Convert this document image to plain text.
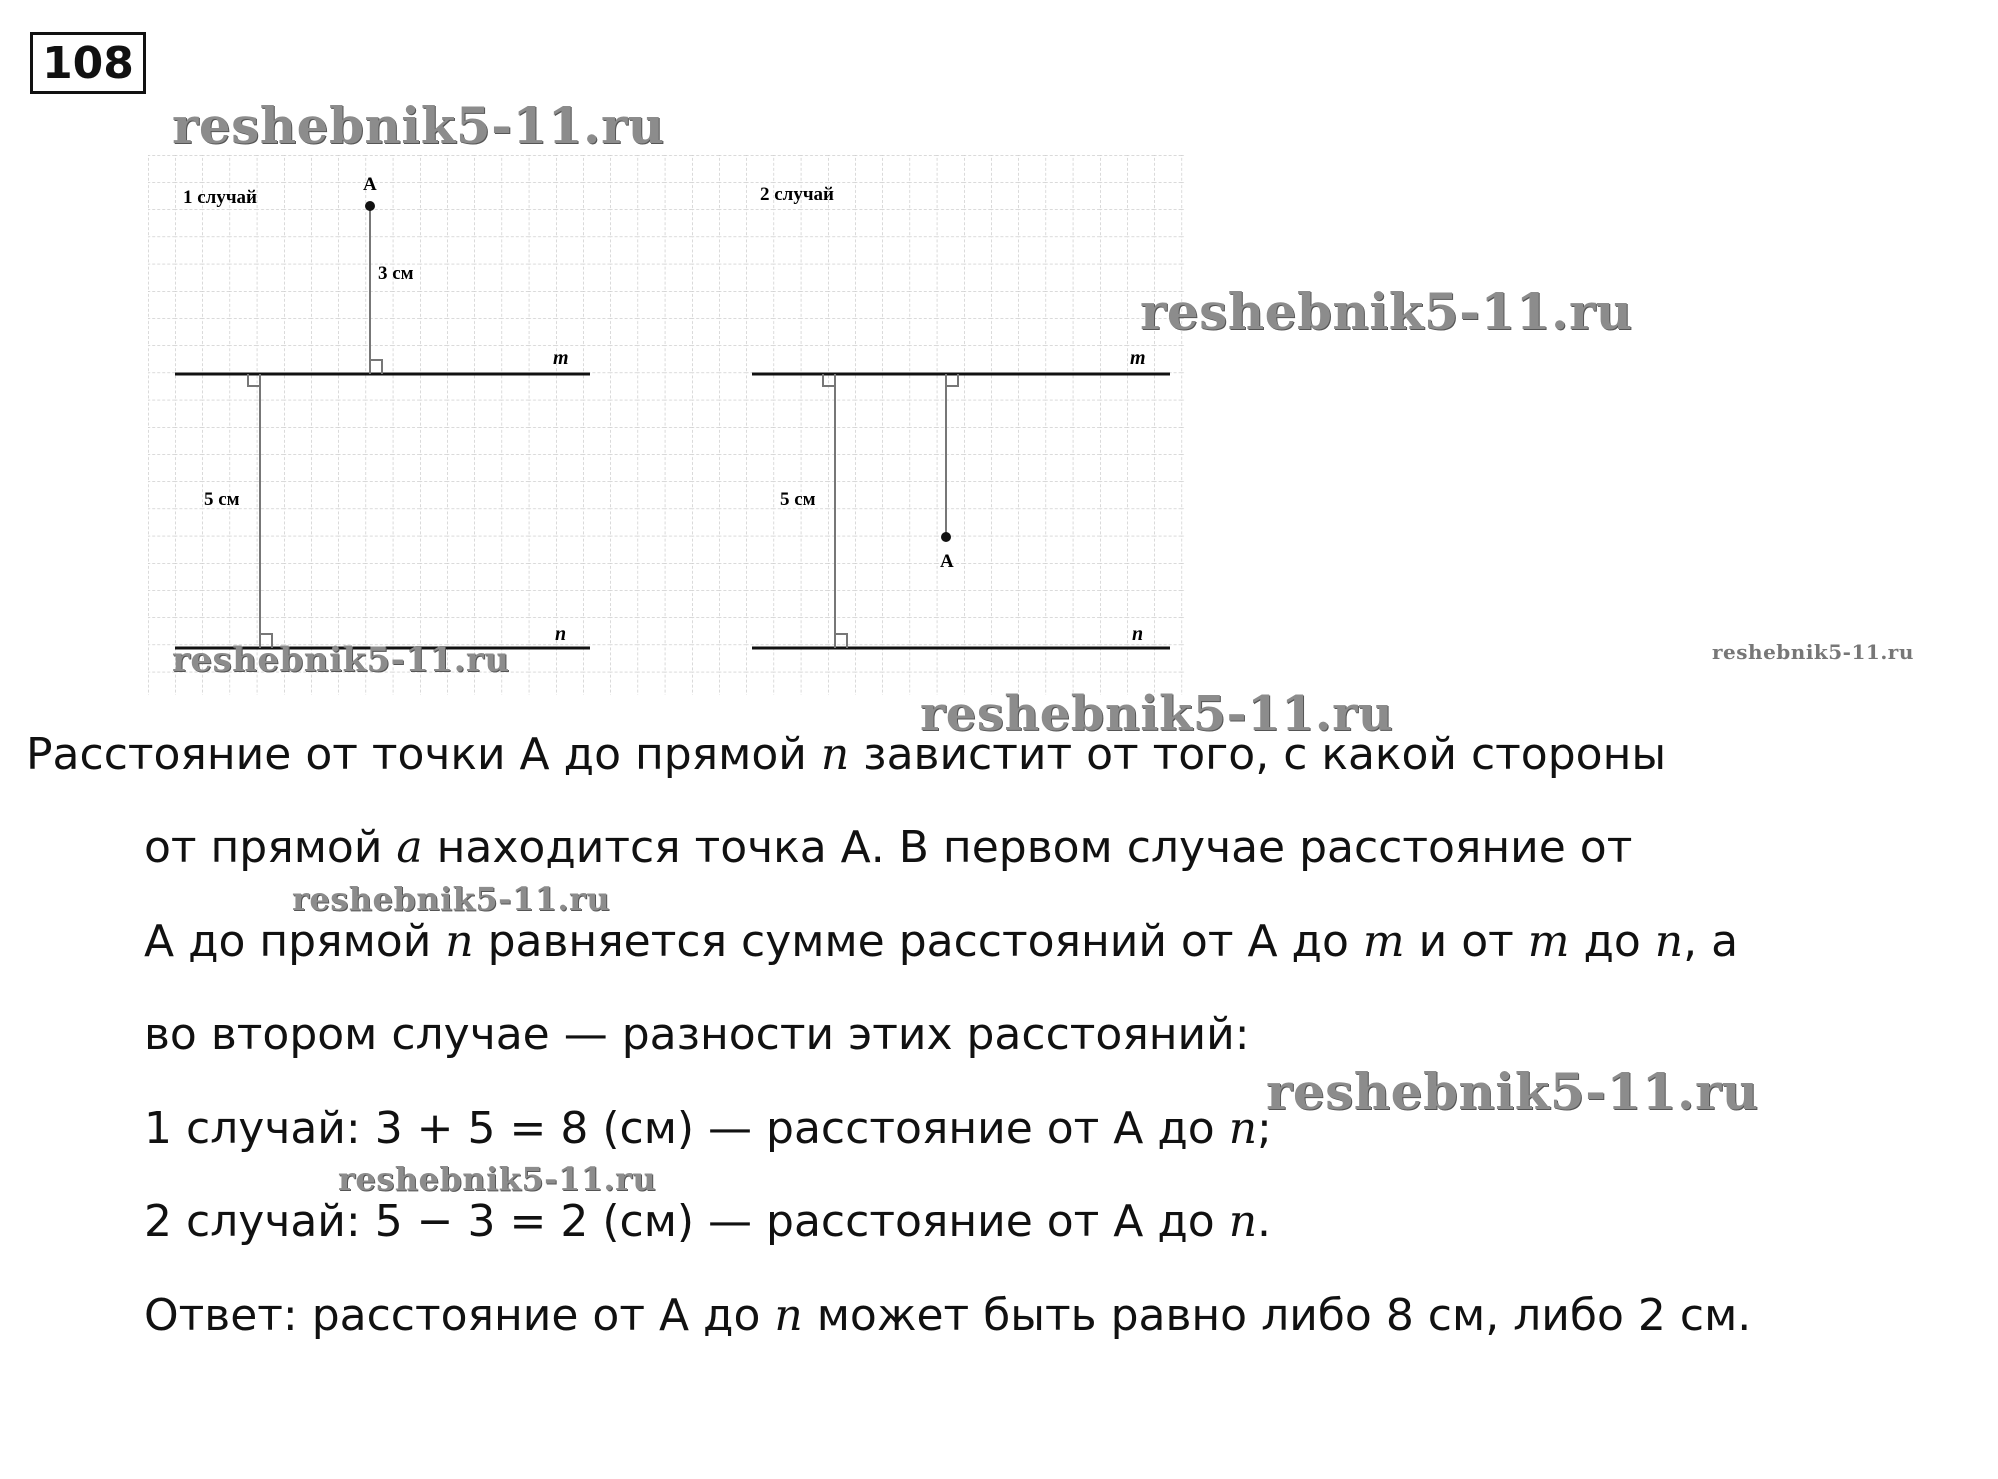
108
1 случай
A
3 см
5 см
m
n
2 случай
5 см
A
m
n
reshebnik5-11.ru
reshebnik5-11.ru
reshebnik5-11.ru	reshebnik5-11.ru
reshebnik5-11.ru
reshebnik5-11.ru
reshebnik5-11.ru
reshebnik5-11.ru
Расстояние от точки А до прямой n завистит от того, с какой стороны
от прямой a находится точка А. В первом случае расстояние от
А до прямой n равняется сумме расстояний от А до m и от m до n, а
во втором случае — разности этих расстояний:
1 случай: 3 + 5 = 8 (см) — расстояние от А до n;
2 случай: 5 − 3 = 2 (см) — расстояние от А до n.
Ответ: расстояние от А до n может быть равно либо 8 см, либо 2 см.
